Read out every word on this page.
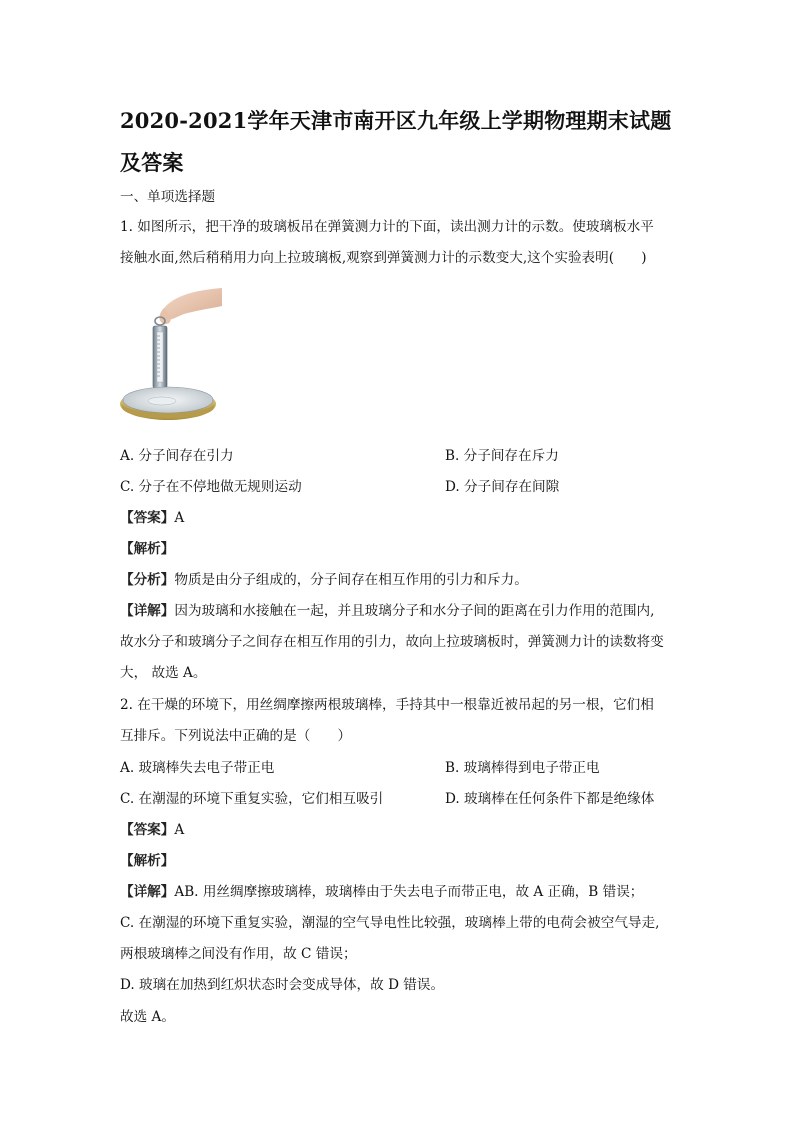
2020-2021学年天津市南开区九年级上学期物理期末试题及答案
一、单项选择题
1. 如图所示，把干净的玻璃板吊在弹簧测力计的下面，读出测力计的示数。使玻璃板水平
接触水面,然后稍稍用力向上拉玻璃板,观察到弹簧测力计的示数变大,这个实验表明(　　)
A. 分子间存在引力	B. 分子间存在斥力
C. 分子在不停地做无规则运动	D. 分子间存在间隙
【答案】A
【解析】
【分析】物质是由分子组成的，分子间存在相互作用的引力和斥力。
【详解】因为玻璃和水接触在一起，并且玻璃分子和水分子间的距离在引力作用的范围内,
故水分子和玻璃分子之间存在相互作用的引力，故向上拉玻璃板时，弹簧测力计的读数将变
大， 故选 A。
2. 在干燥的环境下，用丝绸摩擦两根玻璃棒，手持其中一根靠近被吊起的另一根，它们相
互排斥。下列说法中正确的是（　　）
A. 玻璃棒失去电子带正电	B. 玻璃棒得到电子带正电
C. 在潮湿的环境下重复实验，它们相互吸引	D. 玻璃棒在任何条件下都是绝缘体
【答案】A
【解析】
【详解】AB. 用丝绸摩擦玻璃棒，玻璃棒由于失去电子而带正电，故 A 正确，B 错误；
C. 在潮湿的环境下重复实验，潮湿的空气导电性比较强，玻璃棒上带的电荷会被空气导走,
两根玻璃棒之间没有作用，故 C 错误；
D. 玻璃在加热到红炽状态时会变成导体，故 D 错误。
故选 A。
